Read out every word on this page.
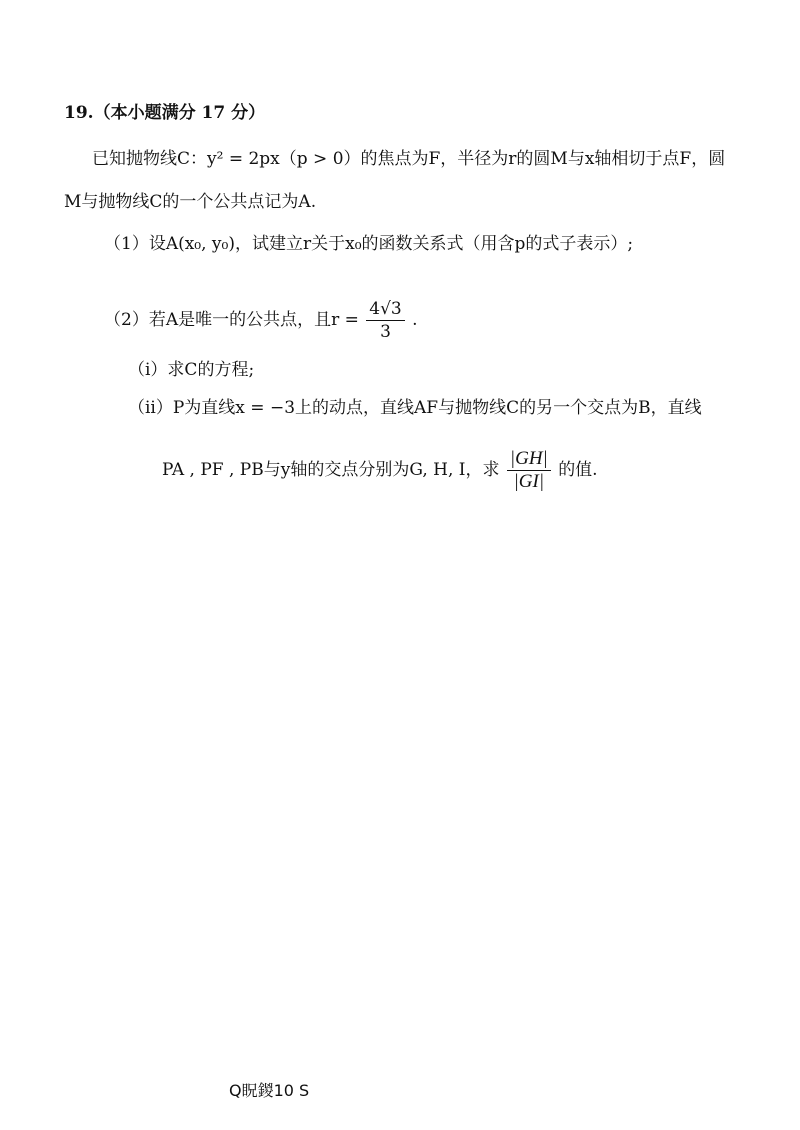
19.（本小题满分 17 分）
已知抛物线C：y² = 2px（p > 0）的焦点为F，半径为r的圆M与x轴相切于点F，圆
M与抛物线C的一个公共点记为A.
（1）设A(x₀, y₀)，试建立r关于x₀的函数关系式（用含p的式子表示）;
（2）若A是唯一的公共点，且$r = \frac{4√3}{3}$ .
（i）求C的方程;
（ii）P为直线x = −3上的动点，直线AF与抛物线C的另一个交点为B，直线
PA , PF , PB与y轴的交点分别为G, H, I，求 $\frac{|GH|}{|GI|}$ 的值.
Q眖鍐10 S
